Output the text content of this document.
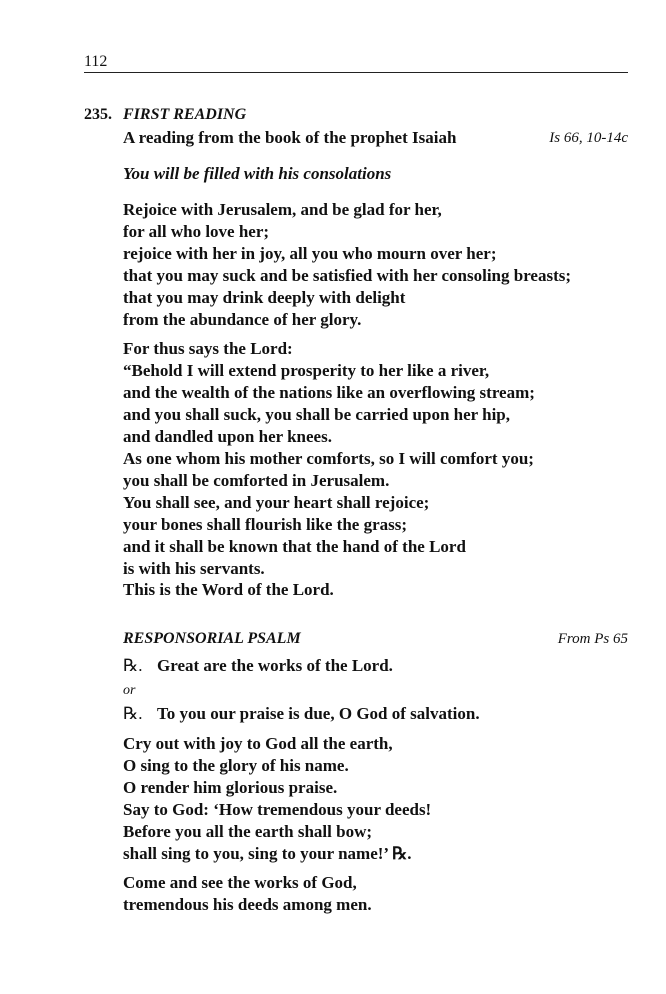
112
235. FIRST READING
A reading from the book of the prophet Isaiah	Is 66, 10-14c
You will be filled with his consolations
Rejoice with Jerusalem, and be glad for her,
for all who love her;
rejoice with her in joy, all you who mourn over her;
that you may suck and be satisfied with her consoling breasts;
that you may drink deeply with delight
from the abundance of her glory.
For thus says the Lord:
“Behold I will extend prosperity to her like a river,
and the wealth of the nations like an overflowing stream;
and you shall suck, you shall be carried upon her hip,
and dandled upon her knees.
As one whom his mother comforts, so I will comfort you;
you shall be comforted in Jerusalem.
You shall see, and your heart shall rejoice;
your bones shall flourish like the grass;
and it shall be known that the hand of the Lord
is with his servants.
This is the Word of the Lord.
RESPONSORIAL PSALM	From Ps 65
℞. Great are the works of the Lord.
or
℞. To you our praise is due, O God of salvation.
Cry out with joy to God all the earth,
O sing to the glory of his name.
O render him glorious praise.
Say to God: ‘How tremendous your deeds!
Before you all the earth shall bow;
shall sing to you, sing to your name!’ ℞.
Come and see the works of God,
tremendous his deeds among men.
